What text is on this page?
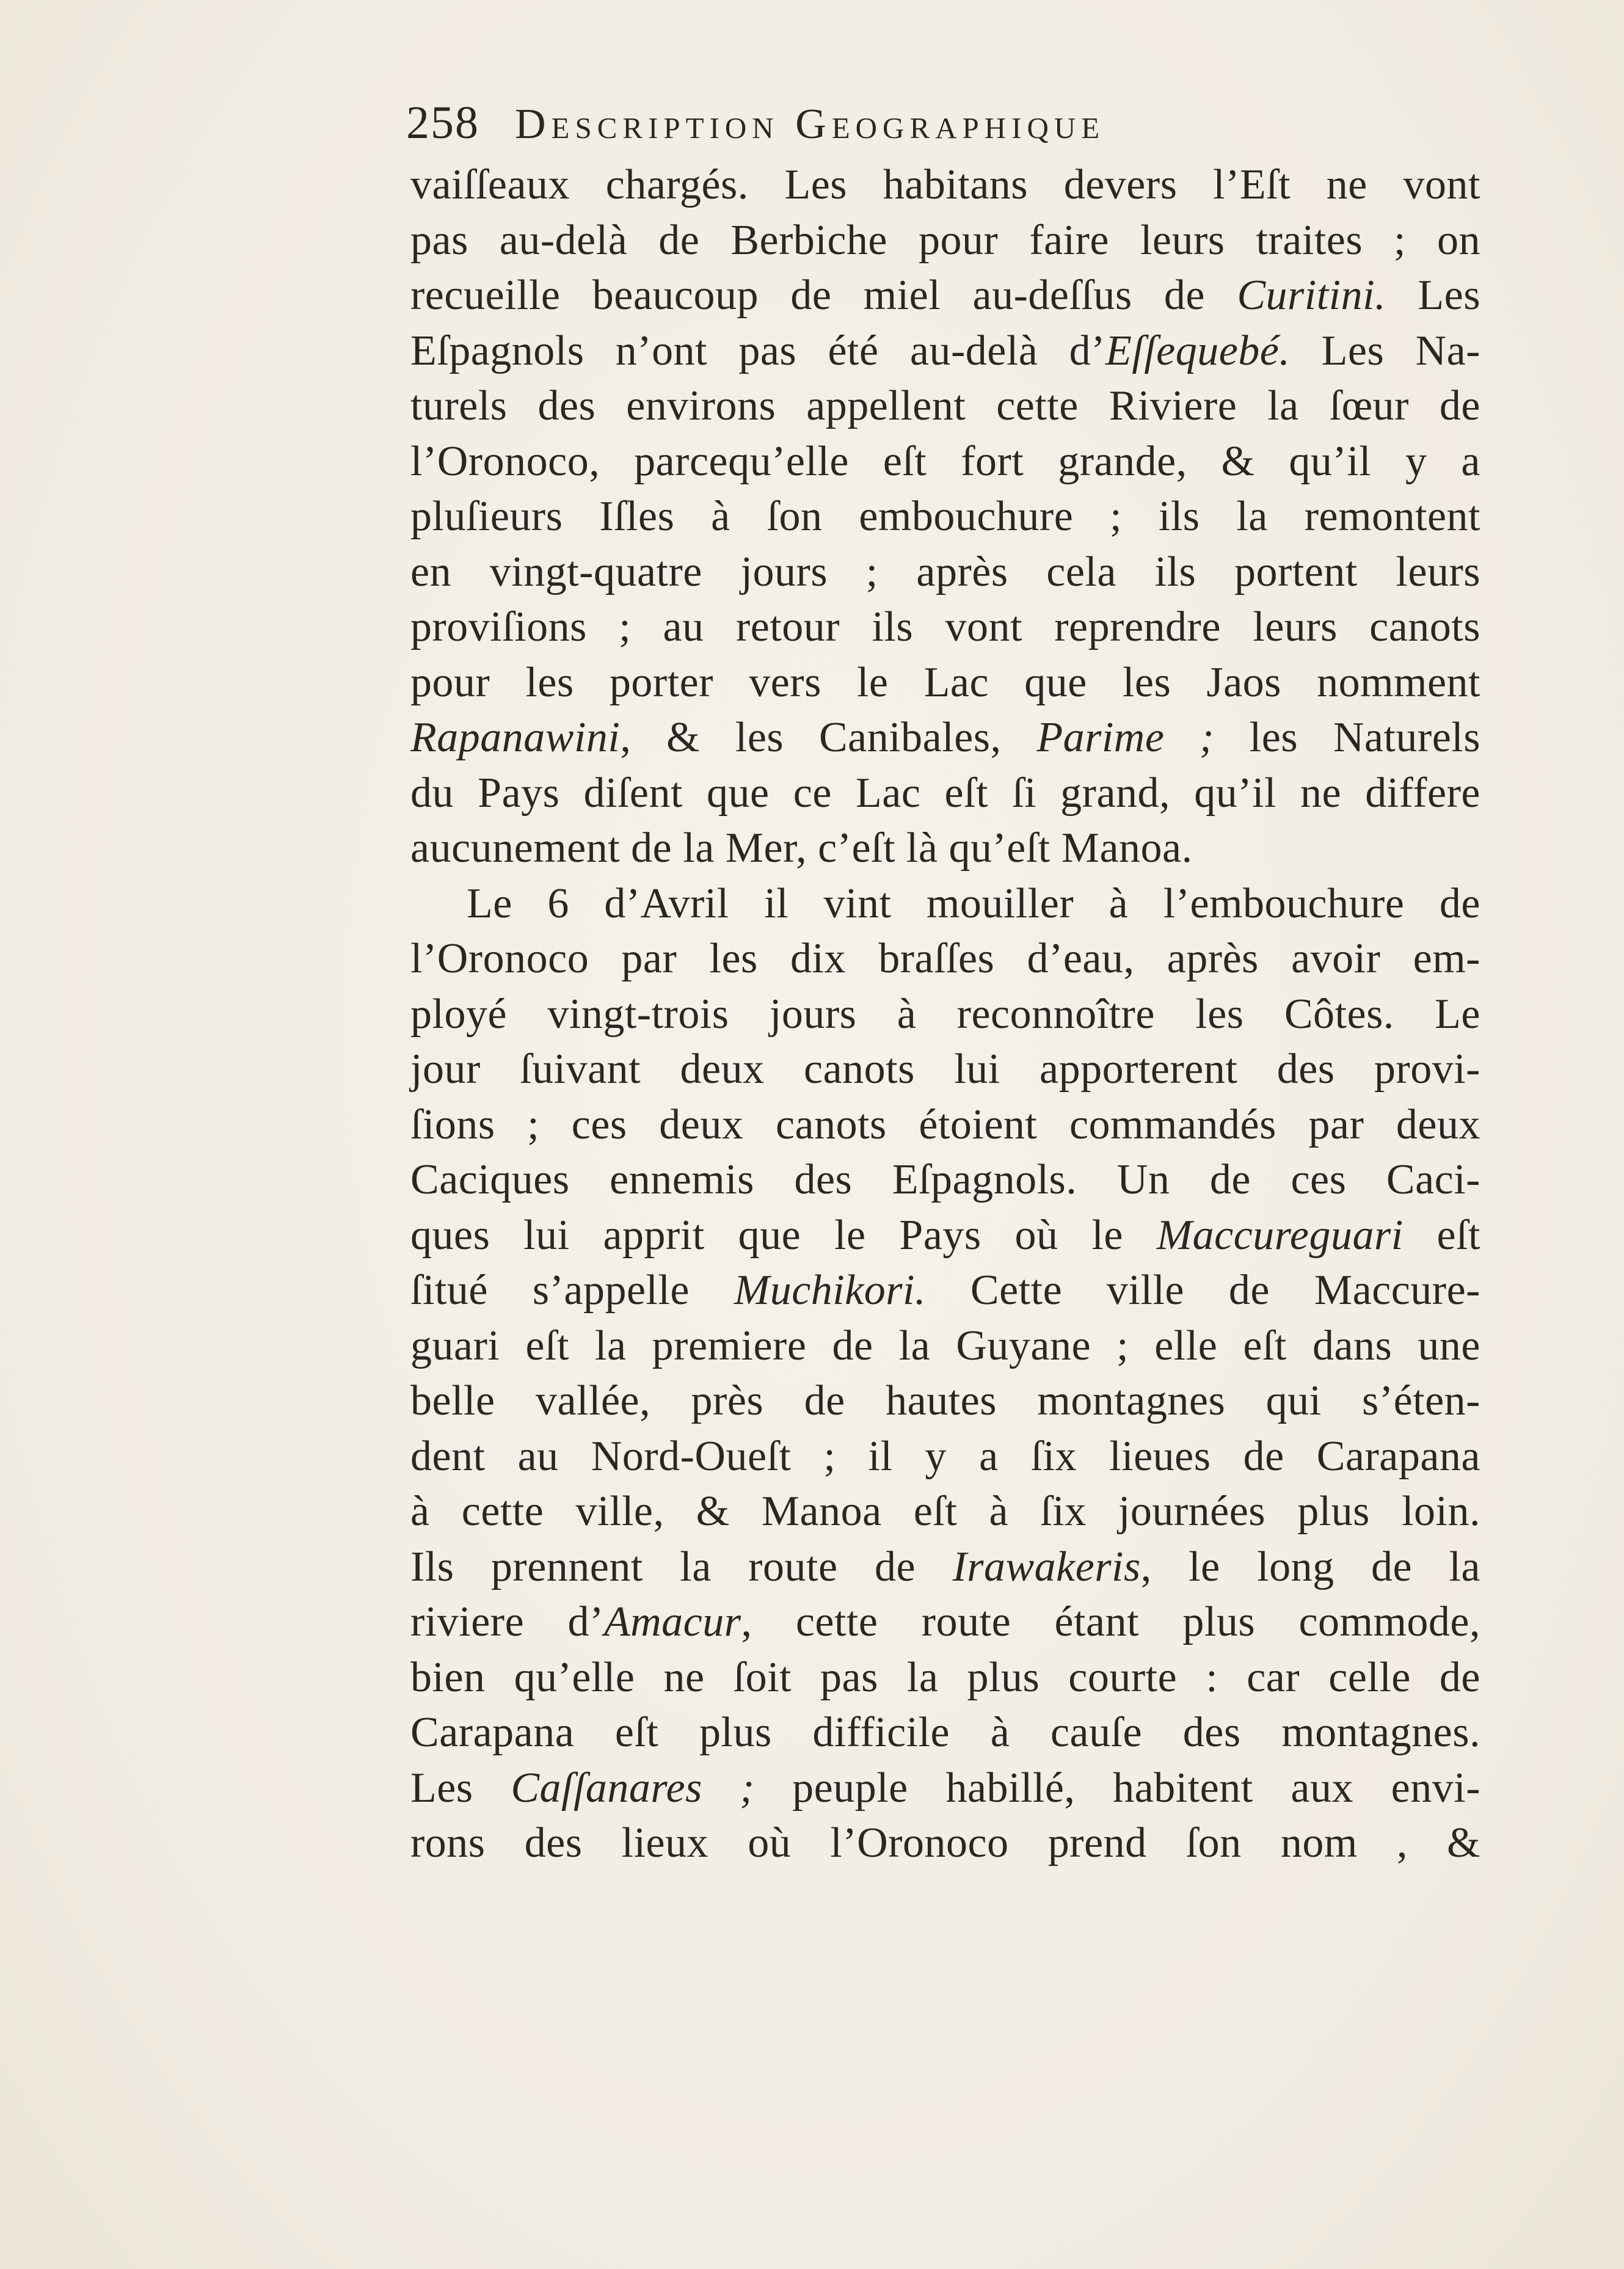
258 Description Geographique
vaiſſeaux chargés. Les habitans devers l’Eſt ne vont
pas au-delà de Berbiche pour faire leurs traites ; on
recueille beaucoup de miel au-deſſus de Curitini. Les
Eſpagnols n’ont pas été au-delà d’Eſſequebé. Les Na-
turels des environs appellent cette Riviere la ſœur de
l’Oronoco, parcequ’elle eſt fort grande, & qu’il y a
pluſieurs Iſles à ſon embouchure ; ils la remontent
en vingt-quatre jours ; après cela ils portent leurs
proviſions ; au retour ils vont reprendre leurs canots
pour les porter vers le Lac que les Jaos nomment
Rapanawini, & les Canibales, Parime ; les Naturels
du Pays diſent que ce Lac eſt ſi grand, qu’il ne differe
aucunement de la Mer, c’eſt là qu’eſt Manoa.
Le 6 d’Avril il vint mouiller à l’embouchure de
l’Oronoco par les dix braſſes d’eau, après avoir em-
ployé vingt-trois jours à reconnoître les Côtes. Le
jour ſuivant deux canots lui apporterent des provi-
ſions ; ces deux canots étoient commandés par deux
Caciques ennemis des Eſpagnols. Un de ces Caci-
ques lui apprit que le Pays où le Maccureguari eſt
ſitué s’appelle Muchikori. Cette ville de Maccure-
guari eſt la premiere de la Guyane ; elle eſt dans une
belle vallée, près de hautes montagnes qui s’éten-
dent au Nord-Oueſt ; il y a ſix lieues de Carapana
à cette ville, & Manoa eſt à ſix journées plus loin.
Ils prennent la route de Irawakeris, le long de la
riviere d’Amacur, cette route étant plus commode,
bien qu’elle ne ſoit pas la plus courte : car celle de
Carapana eſt plus difficile à cauſe des montagnes.
Les Caſſanares ; peuple habillé, habitent aux envi-
rons des lieux où l’Oronoco prend ſon nom , &
